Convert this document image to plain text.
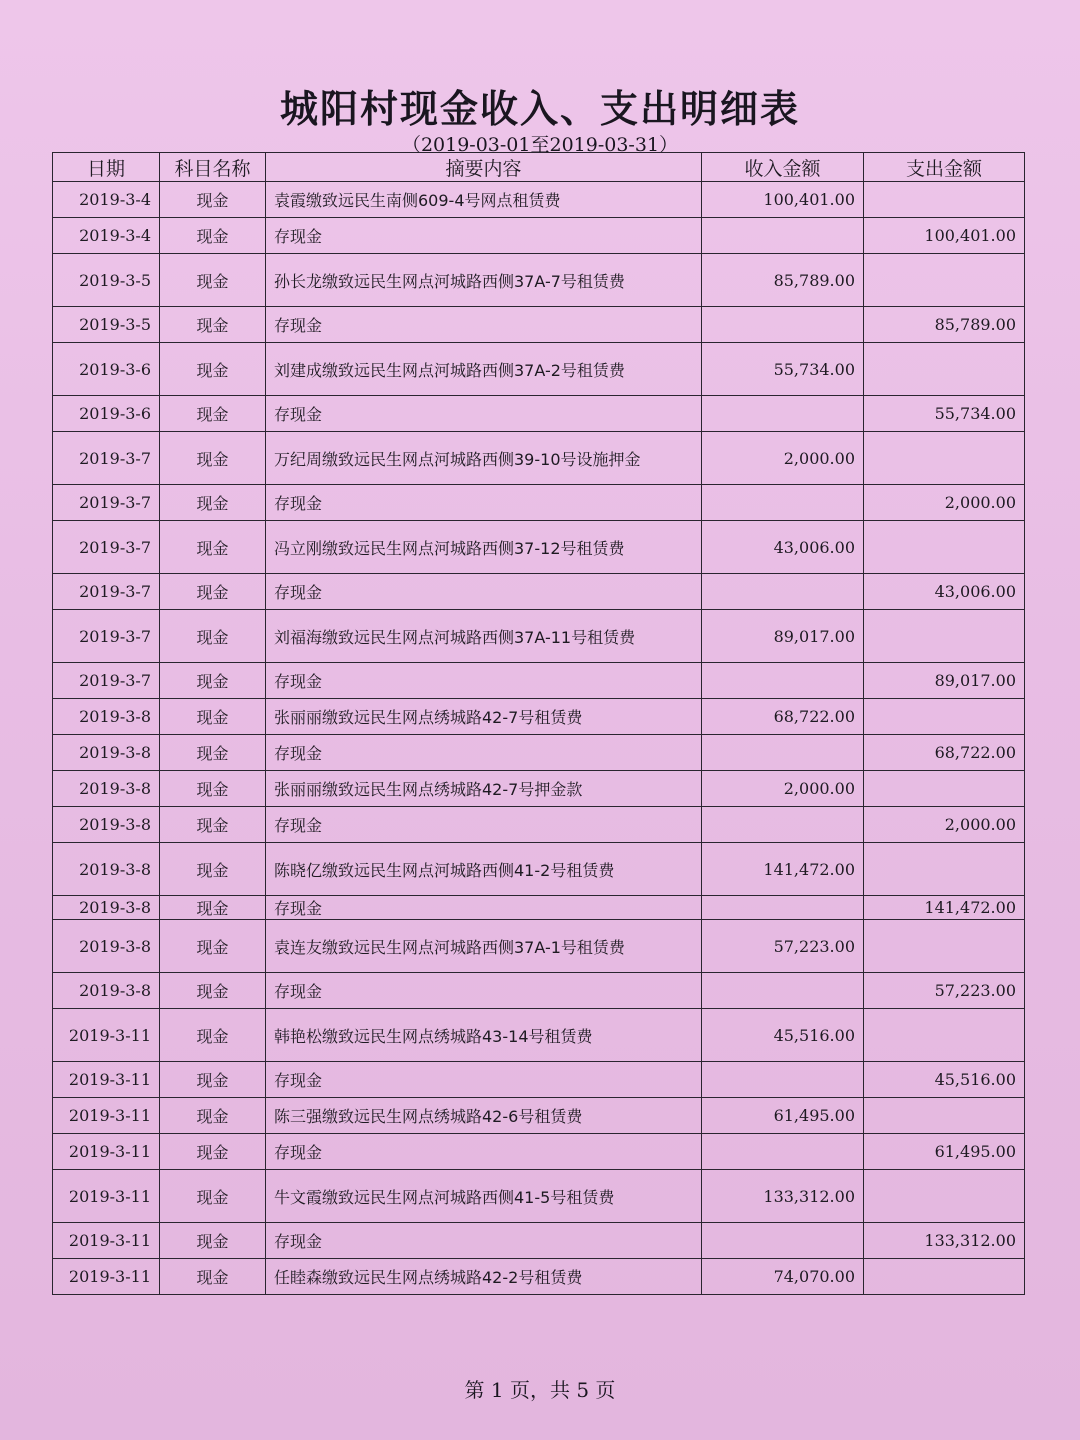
城阳村现金收入、支出明细表
（2019-03-01至2019-03-31）
日期	科目名称	摘要内容	收入金额	支出金额
2019-3-4	现金	袁霞缴致远民生南侧609-4号网点租赁费	100,401.00	
2019-3-4	现金	存现金		100,401.00
2019-3-5	现金	孙长龙缴致远民生网点河城路西侧37A-7号租赁费	85,789.00	
2019-3-5	现金	存现金		85,789.00
2019-3-6	现金	刘建成缴致远民生网点河城路西侧37A-2号租赁费	55,734.00	
2019-3-6	现金	存现金		55,734.00
2019-3-7	现金	万纪周缴致远民生网点河城路西侧39-10号设施押金	2,000.00	
2019-3-7	现金	存现金		2,000.00
2019-3-7	现金	冯立刚缴致远民生网点河城路西侧37-12号租赁费	43,006.00	
2019-3-7	现金	存现金		43,006.00
2019-3-7	现金	刘福海缴致远民生网点河城路西侧37A-11号租赁费	89,017.00	
2019-3-7	现金	存现金		89,017.00
2019-3-8	现金	张丽丽缴致远民生网点绣城路42-7号租赁费	68,722.00	
2019-3-8	现金	存现金		68,722.00
2019-3-8	现金	张丽丽缴致远民生网点绣城路42-7号押金款	2,000.00	
2019-3-8	现金	存现金		2,000.00
2019-3-8	现金	陈晓亿缴致远民生网点河城路西侧41-2号租赁费	141,472.00	
2019-3-8	现金	存现金		141,472.00
2019-3-8	现金	袁连友缴致远民生网点河城路西侧37A-1号租赁费	57,223.00	
2019-3-8	现金	存现金		57,223.00
2019-3-11	现金	韩艳松缴致远民生网点绣城路43-14号租赁费	45,516.00	
2019-3-11	现金	存现金		45,516.00
2019-3-11	现金	陈三强缴致远民生网点绣城路42-6号租赁费	61,495.00	
2019-3-11	现金	存现金		61,495.00
2019-3-11	现金	牛文霞缴致远民生网点河城路西侧41-5号租赁费	133,312.00	
2019-3-11	现金	存现金		133,312.00
2019-3-11	现金	任睦森缴致远民生网点绣城路42-2号租赁费	74,070.00	
第 1 页，共 5 页
